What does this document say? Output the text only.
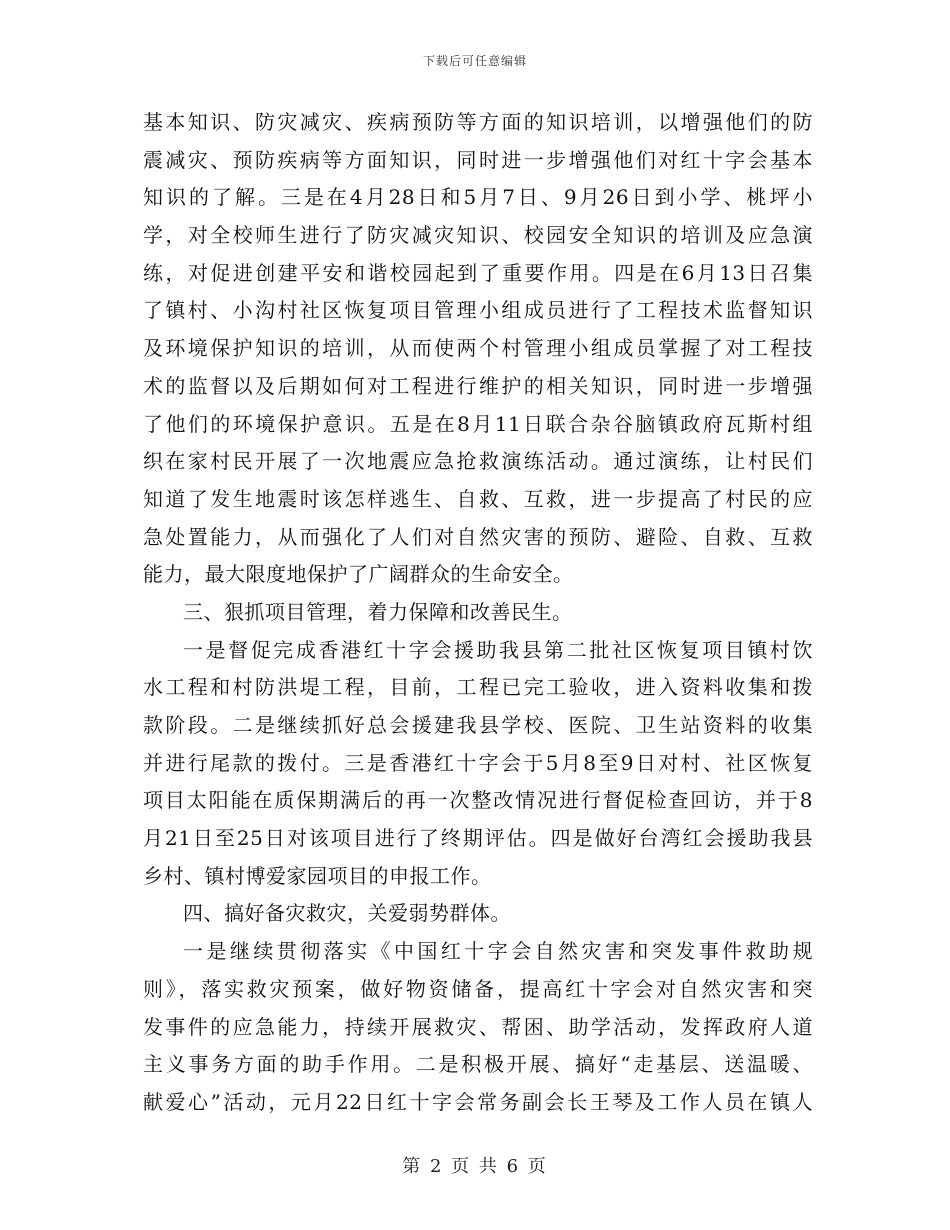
下载后可任意编辑

基本知识、防灾减灾、疾病预防等方面的知识培训，以增强他们的防

震减灾、预防疾病等方面知识，同时进一步增强他们对红十字会基本

知识的了解。三是在4月28日和5月7日、9月26日到小学、桃坪小

学，对全校师生进行了防灾减灾知识、校园安全知识的培训及应急演

练，对促进创建平安和谐校园起到了重要作用。四是在6月13日召集

了镇村、小沟村社区恢复项目管理小组成员进行了工程技术监督知识

及环境保护知识的培训，从而使两个村管理小组成员掌握了对工程技

术的监督以及后期如何对工程进行维护的相关知识，同时进一步增强

了他们的环境保护意识。五是在8月11日联合杂谷脑镇政府瓦斯村组

织在家村民开展了一次地震应急抢救演练活动。通过演练，让村民们

知道了发生地震时该怎样逃生、自救、互救，进一步提高了村民的应

急处置能力，从而强化了人们对自然灾害的预防、避险、自救、互救

能力，最大限度地保护了广阔群众的生命安全。

三、狠抓项目管理，着力保障和改善民生。

一是督促完成香港红十字会援助我县第二批社区恢复项目镇村饮

水工程和村防洪堤工程，目前，工程已完工验收，进入资料收集和拨

款阶段。二是继续抓好总会援建我县学校、医院、卫生站资料的收集

并进行尾款的拨付。三是香港红十字会于5月8至9日对村、社区恢复

项目太阳能在质保期满后的再一次整改情况进行督促检查回访，并于8

月21日至25日对该项目进行了终期评估。四是做好台湾红会援助我县

乡村、镇村博爱家园项目的申报工作。

四、搞好备灾救灾，关爱弱势群体。

一是继续贯彻落实《中国红十字会自然灾害和突发事件救助规

则》，落实救灾预案，做好物资储备，提高红十字会对自然灾害和突

发事件的应急能力，持续开展救灾、帮困、助学活动，发挥政府人道

主义事务方面的助手作用。二是积极开展、搞好“走基层、送温暖、

献爱心”活动，元月22日红十字会常务副会长王琴及工作人员在镇人

第 2 页 共 6 页
